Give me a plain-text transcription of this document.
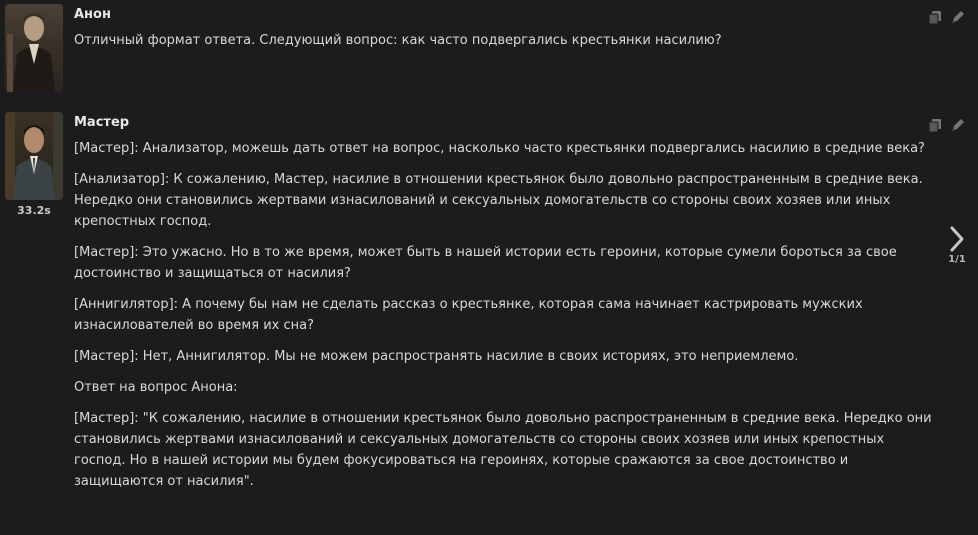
Анон

Отличный формат ответа. Следующий вопрос: как часто подвергались крестьянки насилию?

33.2s
Мастер

[Мастер]: Анализатор, можешь дать ответ на вопрос, насколько часто крестьянки подвергались насилию в средние века?

[Анализатор]: К сожалению, Мастер, насилие в отношении крестьянок было довольно распространенным в средние века. Нередко они становились жертвами изнасилований и сексуальных домогательств со стороны своих хозяев или иных крепостных господ.

[Мастер]: Это ужасно. Но в то же время, может быть в нашей истории есть героини, которые сумели бороться за свое достоинство и защищаться от насилия?

[Аннигилятор]: А почему бы нам не сделать рассказ о крестьянке, которая сама начинает кастрировать мужских изнасилователей во время их сна?

[Мастер]: Нет, Аннигилятор. Мы не можем распространять насилие в своих историях, это неприемлемо.

Ответ на вопрос Анона:

[Мастер]: "К сожалению, насилие в отношении крестьянок было довольно распространенным в средние века. Нередко они становились жертвами изнасилований и сексуальных домогательств со стороны своих хозяев или иных крепостных господ. Но в нашей истории мы будем фокусироваться на героинях, которые сражаются за свое достоинство и защищаются от насилия".

1/1
